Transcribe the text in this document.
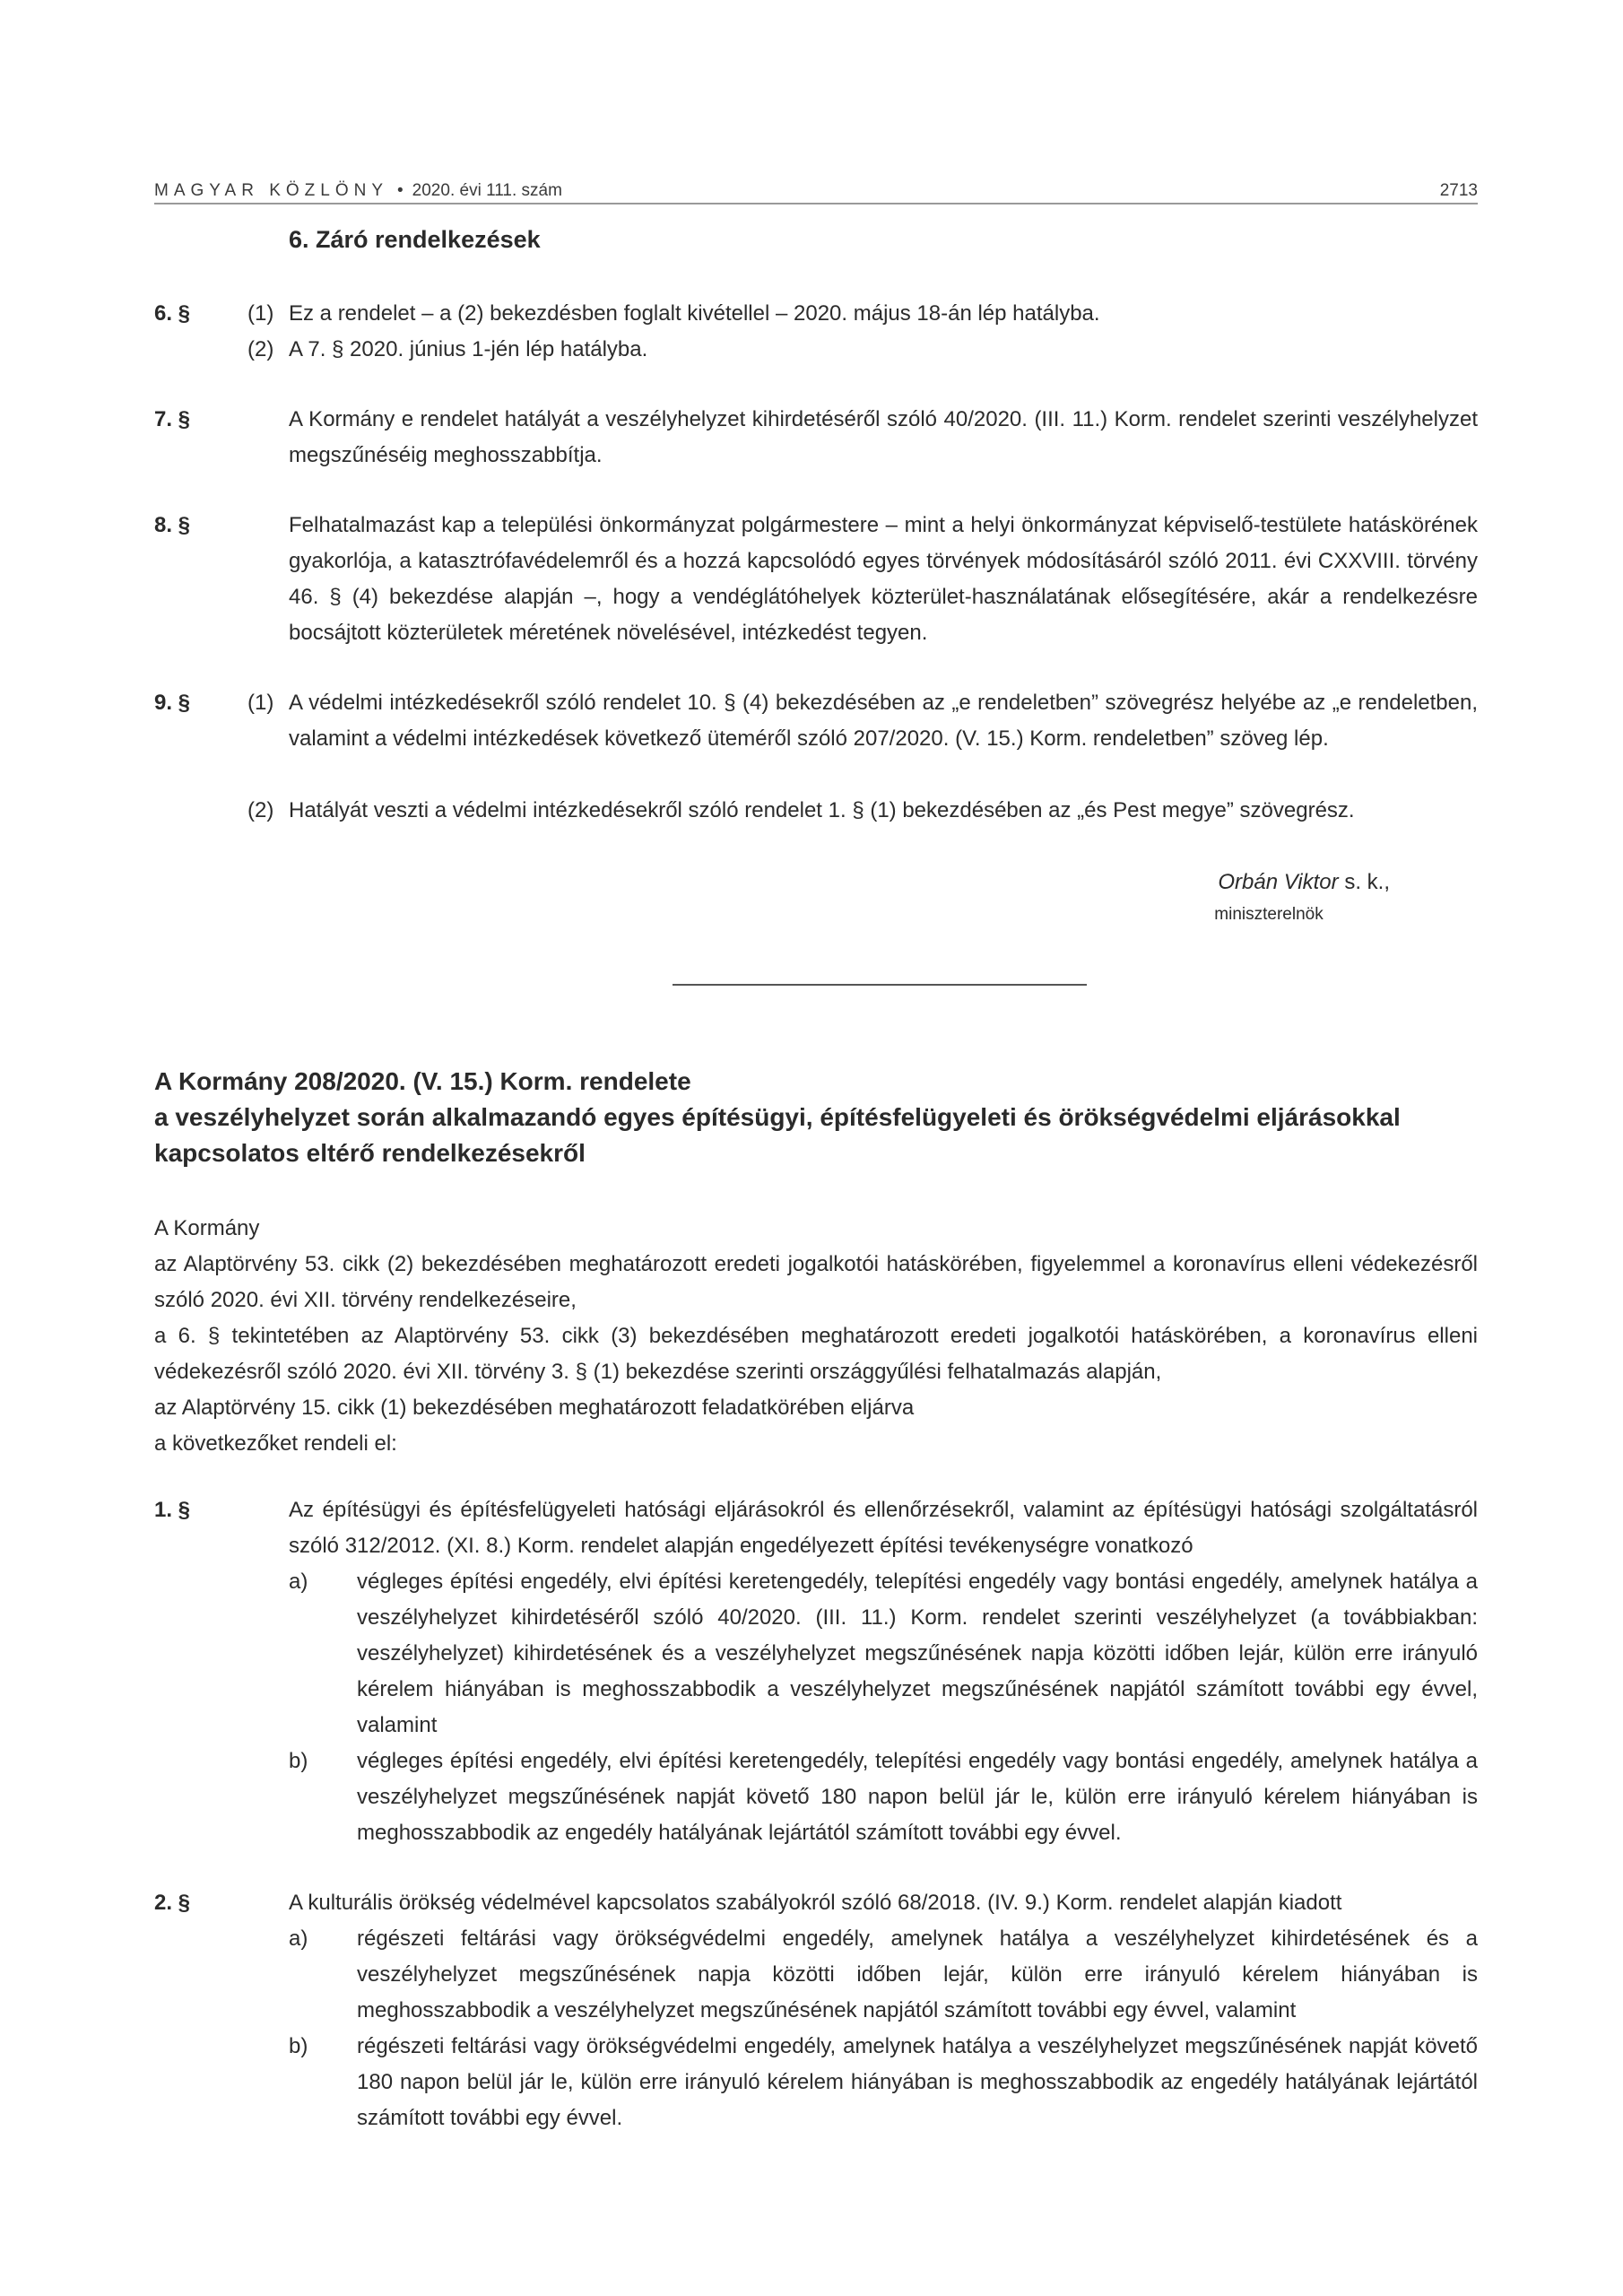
MAGYAR KÖZLÖNY • 2020. évi 111. szám	2713
6. Záró rendelkezések
6. §	(1) Ez a rendelet – a (2) bekezdésben foglalt kivétellel – 2020. május 18-án lép hatályba.
(2) A 7. § 2020. június 1-jén lép hatályba.
7. §	A Kormány e rendelet hatályát a veszélyhelyzet kihirdetéséről szóló 40/2020. (III. 11.) Korm. rendelet szerinti veszélyhelyzet megszűnéséig meghosszabbítja.
8. §	Felhatalmazást kap a települési önkormányzat polgármestere – mint a helyi önkormányzat képviselő-testülete hatáskörének gyakorlója, a katasztrófavédelemről és a hozzá kapcsolódó egyes törvények módosításáról szóló 2011. évi CXXVIII. törvény 46. § (4) bekezdése alapján –, hogy a vendéglátóhelyek közterület-használatának elősegítésére, akár a rendelkezésre bocsájtott közterületek méretének növelésével, intézkedést tegyen.
9. §	(1) A védelmi intézkedésekről szóló rendelet 10. § (4) bekezdésében az „e rendeletben” szövegrész helyébe az „e rendeletben, valamint a védelmi intézkedések következő üteméről szóló 207/2020. (V. 15.) Korm. rendeletben” szöveg lép.
(2) Hatályát veszti a védelmi intézkedésekről szóló rendelet 1. § (1) bekezdésében az „és Pest megye” szövegrész.
Orbán Viktor s. k.,
miniszterelnök
A Kormány 208/2020. (V. 15.) Korm. rendelete
a veszélyhelyzet során alkalmazandó egyes építésügyi, építésfelügyeleti és örökségvédelmi eljárásokkal
kapcsolatos eltérő rendelkezésekről
A Kormány
az Alaptörvény 53. cikk (2) bekezdésében meghatározott eredeti jogalkotói hatáskörében, figyelemmel a koronavírus elleni védekezésről szóló 2020. évi XII. törvény rendelkezéseire,
a 6. § tekintetében az Alaptörvény 53. cikk (3) bekezdésében meghatározott eredeti jogalkotói hatáskörében, a koronavírus elleni védekezésről szóló 2020. évi XII. törvény 3. § (1) bekezdése szerinti országgyűlési felhatalmazás alapján,
az Alaptörvény 15. cikk (1) bekezdésében meghatározott feladatkörében eljárva
a következőket rendeli el:
1. §	Az építésügyi és építésfelügyeleti hatósági eljárásokról és ellenőrzésekről, valamint az építésügyi hatósági szolgáltatásról szóló 312/2012. (XI. 8.) Korm. rendelet alapján engedélyezett építési tevékenységre vonatkozó
a)	végleges építési engedély, elvi építési keretengedély, telepítési engedély vagy bontási engedély, amelynek hatálya a veszélyhelyzet kihirdetéséről szóló 40/2020. (III. 11.) Korm. rendelet szerinti veszélyhelyzet (a továbbiakban: veszélyhelyzet) kihirdetésének és a veszélyhelyzet megszűnésének napja közötti időben lejár, külön erre irányuló kérelem hiányában is meghosszabbodik a veszélyhelyzet megszűnésének napjától számított további egy évvel, valamint
b)	végleges építési engedély, elvi építési keretengedély, telepítési engedély vagy bontási engedély, amelynek hatálya a veszélyhelyzet megszűnésének napját követő 180 napon belül jár le, külön erre irányuló kérelem hiányában is meghosszabbodik az engedély hatályának lejártától számított további egy évvel.
2. §	A kulturális örökség védelmével kapcsolatos szabályokról szóló 68/2018. (IV. 9.) Korm. rendelet alapján kiadott
a)	régészeti feltárási vagy örökségvédelmi engedély, amelynek hatálya a veszélyhelyzet kihirdetésének és a veszélyhelyzet megszűnésének napja közötti időben lejár, külön erre irányuló kérelem hiányában is meghosszabbodik a veszélyhelyzet megszűnésének napjától számított további egy évvel, valamint
b)	régészeti feltárási vagy örökségvédelmi engedély, amelynek hatálya a veszélyhelyzet megszűnésének napját követő 180 napon belül jár le, külön erre irányuló kérelem hiányában is meghosszabbodik az engedély hatályának lejártától számított további egy évvel.
